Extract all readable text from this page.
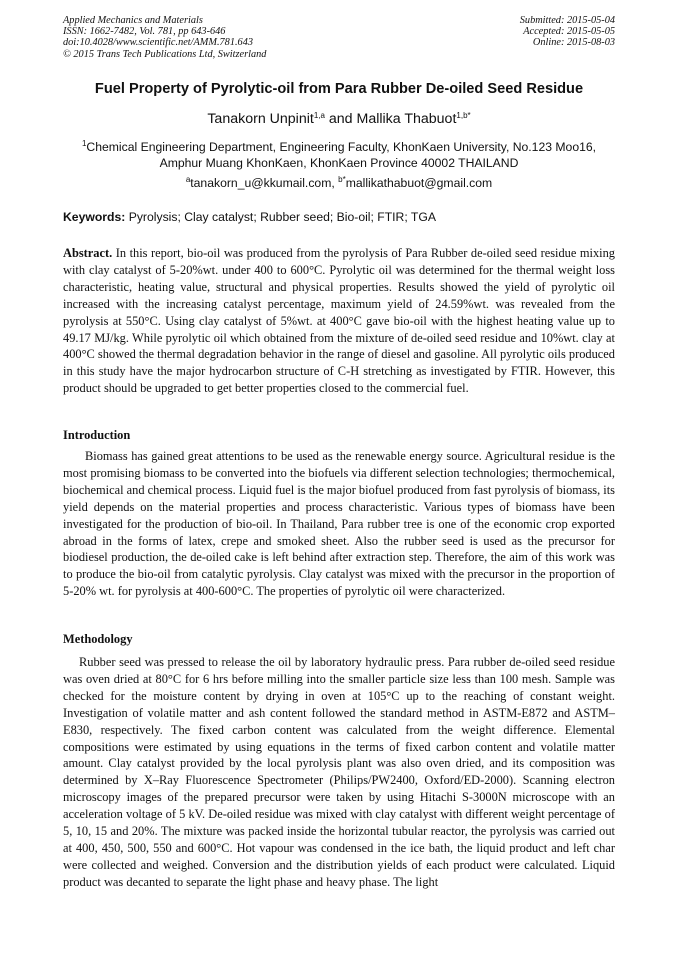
Applied Mechanics and Materials
ISSN: 1662-7482, Vol. 781, pp 643-646
doi:10.4028/www.scientific.net/AMM.781.643
© 2015 Trans Tech Publications Ltd, Switzerland
Submitted: 2015-05-04
Accepted: 2015-05-05
Online: 2015-08-03
Fuel Property of Pyrolytic-oil from Para Rubber De-oiled Seed Residue
Tanakorn Unpinit$^{1,a}$ and Mallika Thabuot$^{1,b*}$
$^1$Chemical Engineering Department, Engineering Faculty, KhonKaen University, No.123 Moo16,
Amphur Muang KhonKaen, KhonKaen Province 40002 THAILAND
$^a$tanakorn_u@kkumail.com, $^{b*}$mallikathabuot@gmail.com
Keywords: Pyrolysis; Clay catalyst; Rubber seed; Bio-oil; FTIR; TGA
Abstract. In this report, bio-oil was produced from the pyrolysis of Para Rubber de-oiled seed residue mixing with clay catalyst of 5-20%wt. under 400 to 600°C. Pyrolytic oil was determined for the thermal weight loss characteristic, heating value, structural and physical properties. Results showed the yield of pyrolytic oil increased with the increasing catalyst percentage, maximum yield of 24.59%wt. was revealed from the pyrolysis at 550°C. Using clay catalyst of 5%wt. at 400°C gave bio-oil with the highest heating value up to 49.17 MJ/kg. While pyrolytic oil which obtained from the mixture of de-oiled seed residue and 10%wt. clay at 400°C showed the thermal degradation behavior in the range of diesel and gasoline. All pyrolytic oils produced in this study have the major hydrocarbon structure of C-H stretching as investigated by FTIR. However, this product should be upgraded to get better properties closed to the commercial fuel.
Introduction
Biomass has gained great attentions to be used as the renewable energy source. Agricultural residue is the most promising biomass to be converted into the biofuels via different selection technologies; thermochemical, biochemical and chemical process. Liquid fuel is the major biofuel produced from fast pyrolysis of biomass, its yield depends on the material properties and process characteristic. Various types of biomass have been investigated for the production of bio-oil. In Thailand, Para rubber tree is one of the economic crop exported abroad in the forms of latex, crepe and smoked sheet. Also the rubber seed is used as the precursor for biodiesel production, the de-oiled cake is left behind after extraction step. Therefore, the aim of this work was to produce the bio-oil from catalytic pyrolysis. Clay catalyst was mixed with the precursor in the proportion of 5-20% wt. for pyrolysis at 400-600°C. The properties of pyrolytic oil were characterized.
Methodology
Rubber seed was pressed to release the oil by laboratory hydraulic press. Para rubber de-oiled seed residue was oven dried at 80°C for 6 hrs before milling into the smaller particle size less than 100 mesh. Sample was checked for the moisture content by drying in oven at 105°C up to the reaching of constant weight. Investigation of volatile matter and ash content followed the standard method in ASTM-E872 and ASTM–E830, respectively. The fixed carbon content was calculated from the weight difference. Elemental compositions were estimated by using equations in the terms of fixed carbon content and volatile matter amount. Clay catalyst provided by the local pyrolysis plant was also oven dried, and its composition was determined by X–Ray Fluorescence Spectrometer (Philips/PW2400, Oxford/ED-2000). Scanning electron microscopy images of the prepared precursor were taken by using Hitachi S-3000N microscope with an acceleration voltage of 5 kV. De-oiled residue was mixed with clay catalyst with different weight percentage of 5, 10, 15 and 20%. The mixture was packed inside the horizontal tubular reactor, the pyrolysis was carried out at 400, 450, 500, 550 and 600°C. Hot vapour was condensed in the ice bath, the liquid product and left char were collected and weighed. Conversion and the distribution yields of each product were calculated. Liquid product was decanted to separate the light phase and heavy phase. The light
